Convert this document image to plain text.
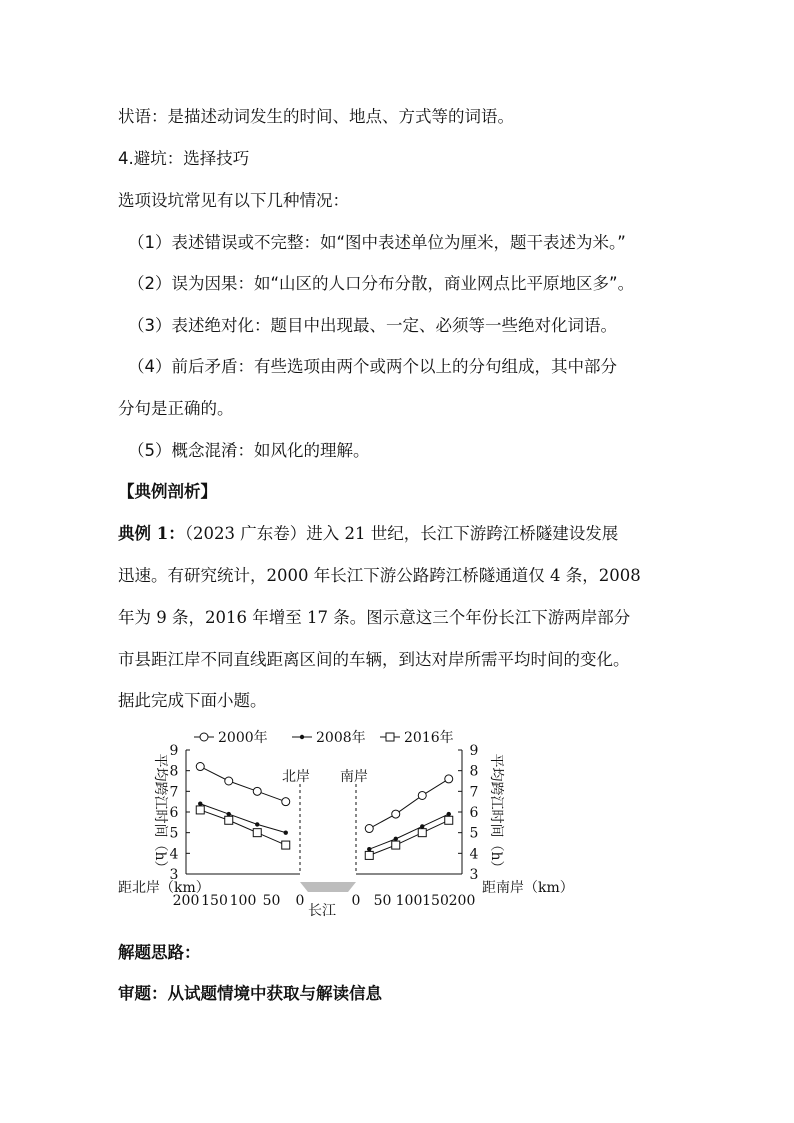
状语：是描述动词发生的时间、地点、方式等的词语。
4.避坑：选择技巧
选项设坑常见有以下几种情况：
（1）表述错误或不完整：如“图中表述单位为厘米，题干表述为米。”
（2）误为因果：如“山区的人口分布分散，商业网点比平原地区多”。
（3）表述绝对化：题目中出现最、一定、必须等一些绝对化词语。
（4）前后矛盾：有些选项由两个或两个以上的分句组成，其中部分
分句是正确的。
（5）概念混淆：如风化的理解。
【典例剖析】
典例 1：（2023 广东卷）进入 21 世纪，长江下游跨江桥隧建设发展
迅速。有研究统计，2000 年长江下游公路跨江桥隧通道仅 4 条，2008
年为 9 条，2016 年增至 17 条。图示意这三个年份长江下游两岸部分
市县距江岸不同直线距离区间的车辆，到达对岸所需平均时间的变化。
据此完成下面小题。
2000年	2008年	2016年
北岸 南岸
长江
平均跨江时间（h）	平均跨江时间（h）
距北岸（km）	距南岸（km）
3	3
4	4
5	5
6	6
7	7
8	8
9	9
200 150 100 50 0	0 50 100 150 200
解题思路：
审题：从试题情境中获取与解读信息
